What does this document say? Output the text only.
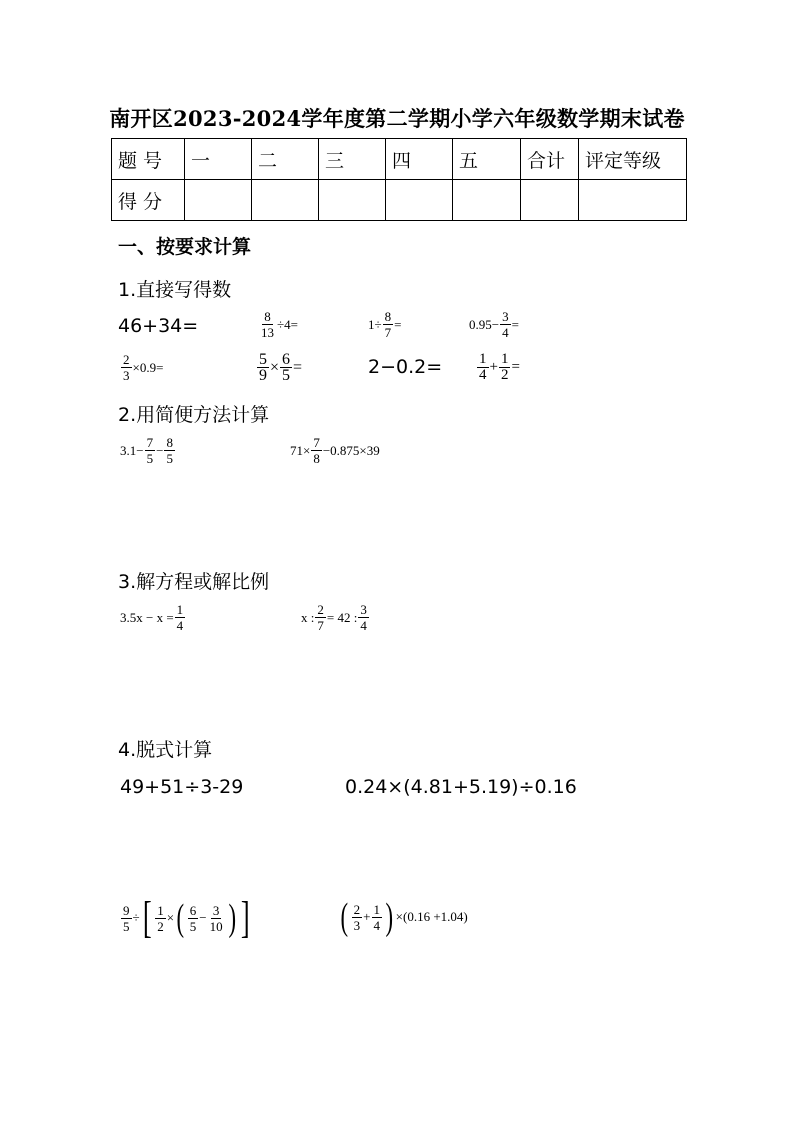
南开区2023-2024学年度第二学期小学六年级数学期末试卷
题 号	一	二	三	四	五	合计	评定等级
得 分							
一、按要求计算
1.直接写得数
46+34=	$\frac{8}{13} \div 4=$	$1\div \frac{8}{7}$ =	$0.95- \frac{3}{4}$ =
$\frac{2}{3} \times 0.9=$	$\frac{5}{9} \times \frac{6}{5}$ =	$2-0.2= \frac{1}{4} + \frac{1}{2}$ =
2.用简便方法计算
$3.1- \frac{7}{5} - \frac{8}{5}$	$71\times \frac{7}{8} -0.875\times 39$
3.解方程或解比例
$3.5x - x = \frac{1}{4}$	x : $\frac{2}{7} = 42$ : $\frac{3}{4}$
4.脱式计算
49+51÷3-29	0.24×(4.81+5.19)÷0.16
$\frac{9}{5}$ ÷ [ $\frac{1}{2}$ × ( $\frac{6}{5} - \frac{3}{10}$ ) ] ( $\frac{2}{3} + \frac{1}{4}$ ) ×(0.16 +1.04)
